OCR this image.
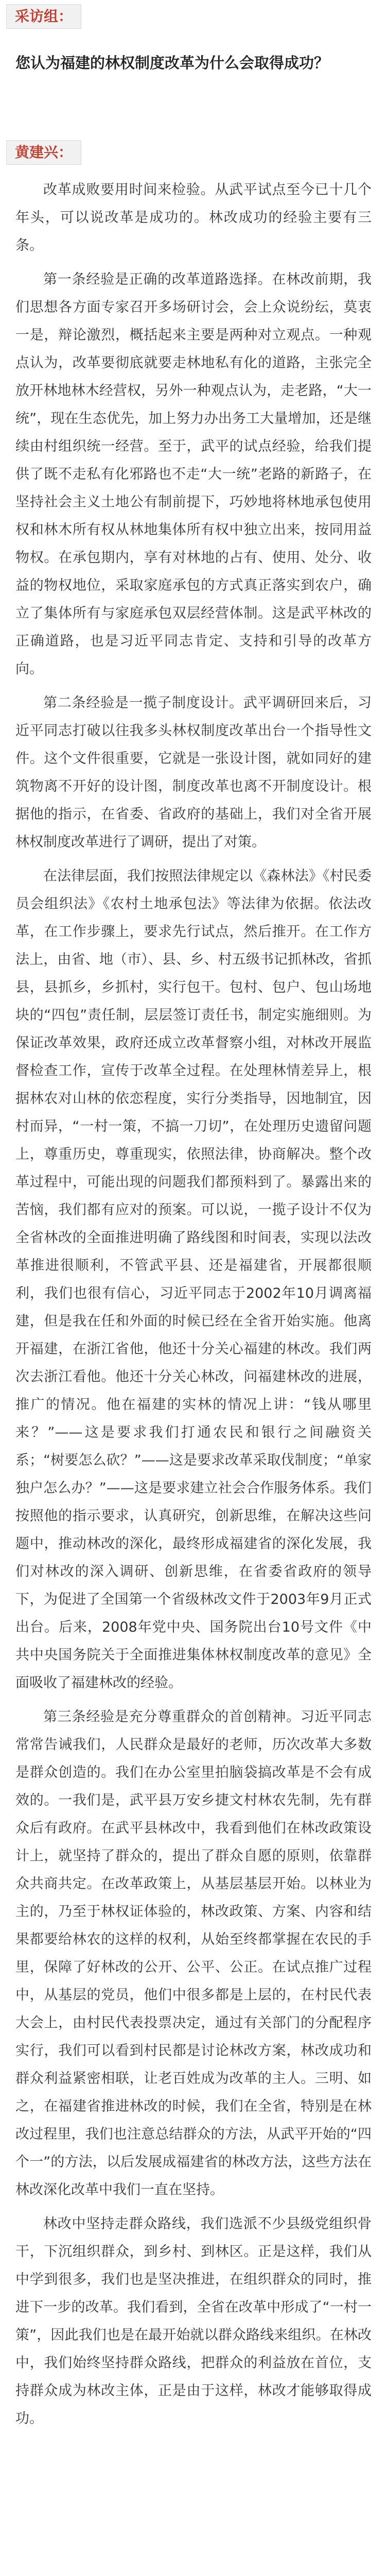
采访组：

您认为福建的林权制度改革为什么会取得成功？

黄建兴：

改革成败要用时间来检验。从武平试点至今已十几个年头，可以说改革是成功的。林改成功的经验主要有三条。

第一条经验是正确的改革道路选择。在林改前期，我们思想各方面专家召开多场研讨会，会上众说纷纭，莫衷一是，辩论激烈，概括起来主要是两种对立观点。一种观点认为，改革要彻底就要走林地私有化的道路，主张完全放开林地林木经营权，另外一种观点认为，走老路，“大一统”，现在生态优先，加上努力办出务工大量增加，还是继续由村组织统一经营。至于，武平的试点经验，给我们提供了既不走私有化邪路也不走“大一统”老路的新路子，在坚持社会主义土地公有制前提下，巧妙地将林地承包使用权和林木所有权从林地集体所有权中独立出来，按同用益物权。在承包期内，享有对林地的占有、使用、处分、收益的物权地位，采取家庭承包的方式真正落实到农户，确立了集体所有与家庭承包双层经营体制。这是武平林改的正确道路，也是习近平同志肯定、支持和引导的改革方向。

第二条经验是一揽子制度设计。武平调研回来后，习近平同志打破以往我多头林权制度改革出台一个指导性文件。这个文件很重要，它就是一张设计图，就如同好的建筑物离不开好的设计图，制度改革也离不开制度设计。根据他的指示，在省委、省政府的基础上，我们对全省开展林权制度改革进行了调研，提出了对策。

在法律层面，我们按照法律规定以《森林法》《村民委员会组织法》《农村土地承包法》等法律为依据。依法改革，在工作步骤上，要求先行试点，然后推开。在工作方法上，由省、地（市）、县、乡、村五级书记抓林改，省抓县，县抓乡，乡抓村，实行包干。包村、包户、包山场地块的“四包”责任制，层层签订责任书，制定实施细则。为保证改革效果，政府还成立改革督察小组，对林改开展监督检查工作，宣传于改革全过程。在处理林情差异上，根据林农对山林的依恋程度，实行分类指导，因地制宜，因村而异，“一村一策，不搞一刀切”，在处理历史遗留问题上，尊重历史，尊重现实，依照法律，协商解决。整个改革过程中，可能出现的问题我们都预料到了。暴露出来的苦恼，我们都有应对的预案。可以说，一揽子设计不仅为全省林改的全面推进明确了路线图和时间表，实现以法改革推进很顺利，不管武平县、还是福建省，开展都很顺利，我们也很有信心，习近平同志于2002年10月调离福建，但是我在任和外面的时候已经在全省开始实施。他离开福建，在浙江省他，他还十分关心福建的林改。我们两次去浙江看他。他还十分关心林改，问福建林改的进展，推广的情况。他在福建的实林的情况上讲：“钱从哪里来？”——这是要求我们打通农民和银行之间融资关系；“树要怎么砍？”——这是要求改革采取伐制度；“单家独户怎么办？”——这是要求建立社会合作服务体系。我们按照他的指示要求，认真研究，创新思维，在解决这些问题中，推动林改的深化，最终形成福建省的深化发展，我们对林改的深入调研、创新思维，在省委省政府的领导下，为促进了全国第一个省级林改文件于2003年9月正式出台。后来，2008年党中央、国务院出台10号文件《中共中央国务院关于全面推进集体林权制度改革的意见》全面吸收了福建林改的经验。

第三条经验是充分尊重群众的首创精神。习近平同志常常告诫我们，人民群众是最好的老师，历次改革大多数是群众创造的。我们在办公室里拍脑袋搞改革是不会有成效的。一我们是，武平县万安乡捷文村林农先制，先有群众后有政府。在武平县林改中，我看到他们在林改政策设计上，就坚持了群众的，提出了群众自愿的原则，依靠群众共商共定。在改革政策上，从基层基层开始。以林业为主的，乃至于林权证体验的，林改政策、方案、内容和结果都要给林农的这样的权利，从始至终都掌握在农民的手里，保障了好林改的公开、公平、公正。在试点推广过程中，从基层的党员，他们中很多都是上层的，在村民代表大会上，由村民代表投票决定，通过有关部门的分配程序实行，我们可以看到村民都是讨论林改方案，林改成功和群众利益紧密相联，让老百姓成为改革的主人。三明、如之，在福建省推进林改的时候，我们在全省，特别是在林改过程里，我们也注意总结群众的方法，从武平开始的“四个一”的方法，以后发展成福建省的林改方法，这些方法在林改深化改革中我们一直在坚持。

林改中坚持走群众路线，我们选派不少县级党组织骨干，下沉组织群众，到乡村、到林区。正是这样，我们从中学到很多，我们也是坚决推进，在组织群众的同时，推进下一步的改革。我们看到，全省在改革中形成了“一村一策”，因此我们也是在最开始就以群众路线来组织。在林改中，我们始终坚持群众路线，把群众的利益放在首位，支持群众成为林改主体，正是由于这样，林改才能够取得成功。
